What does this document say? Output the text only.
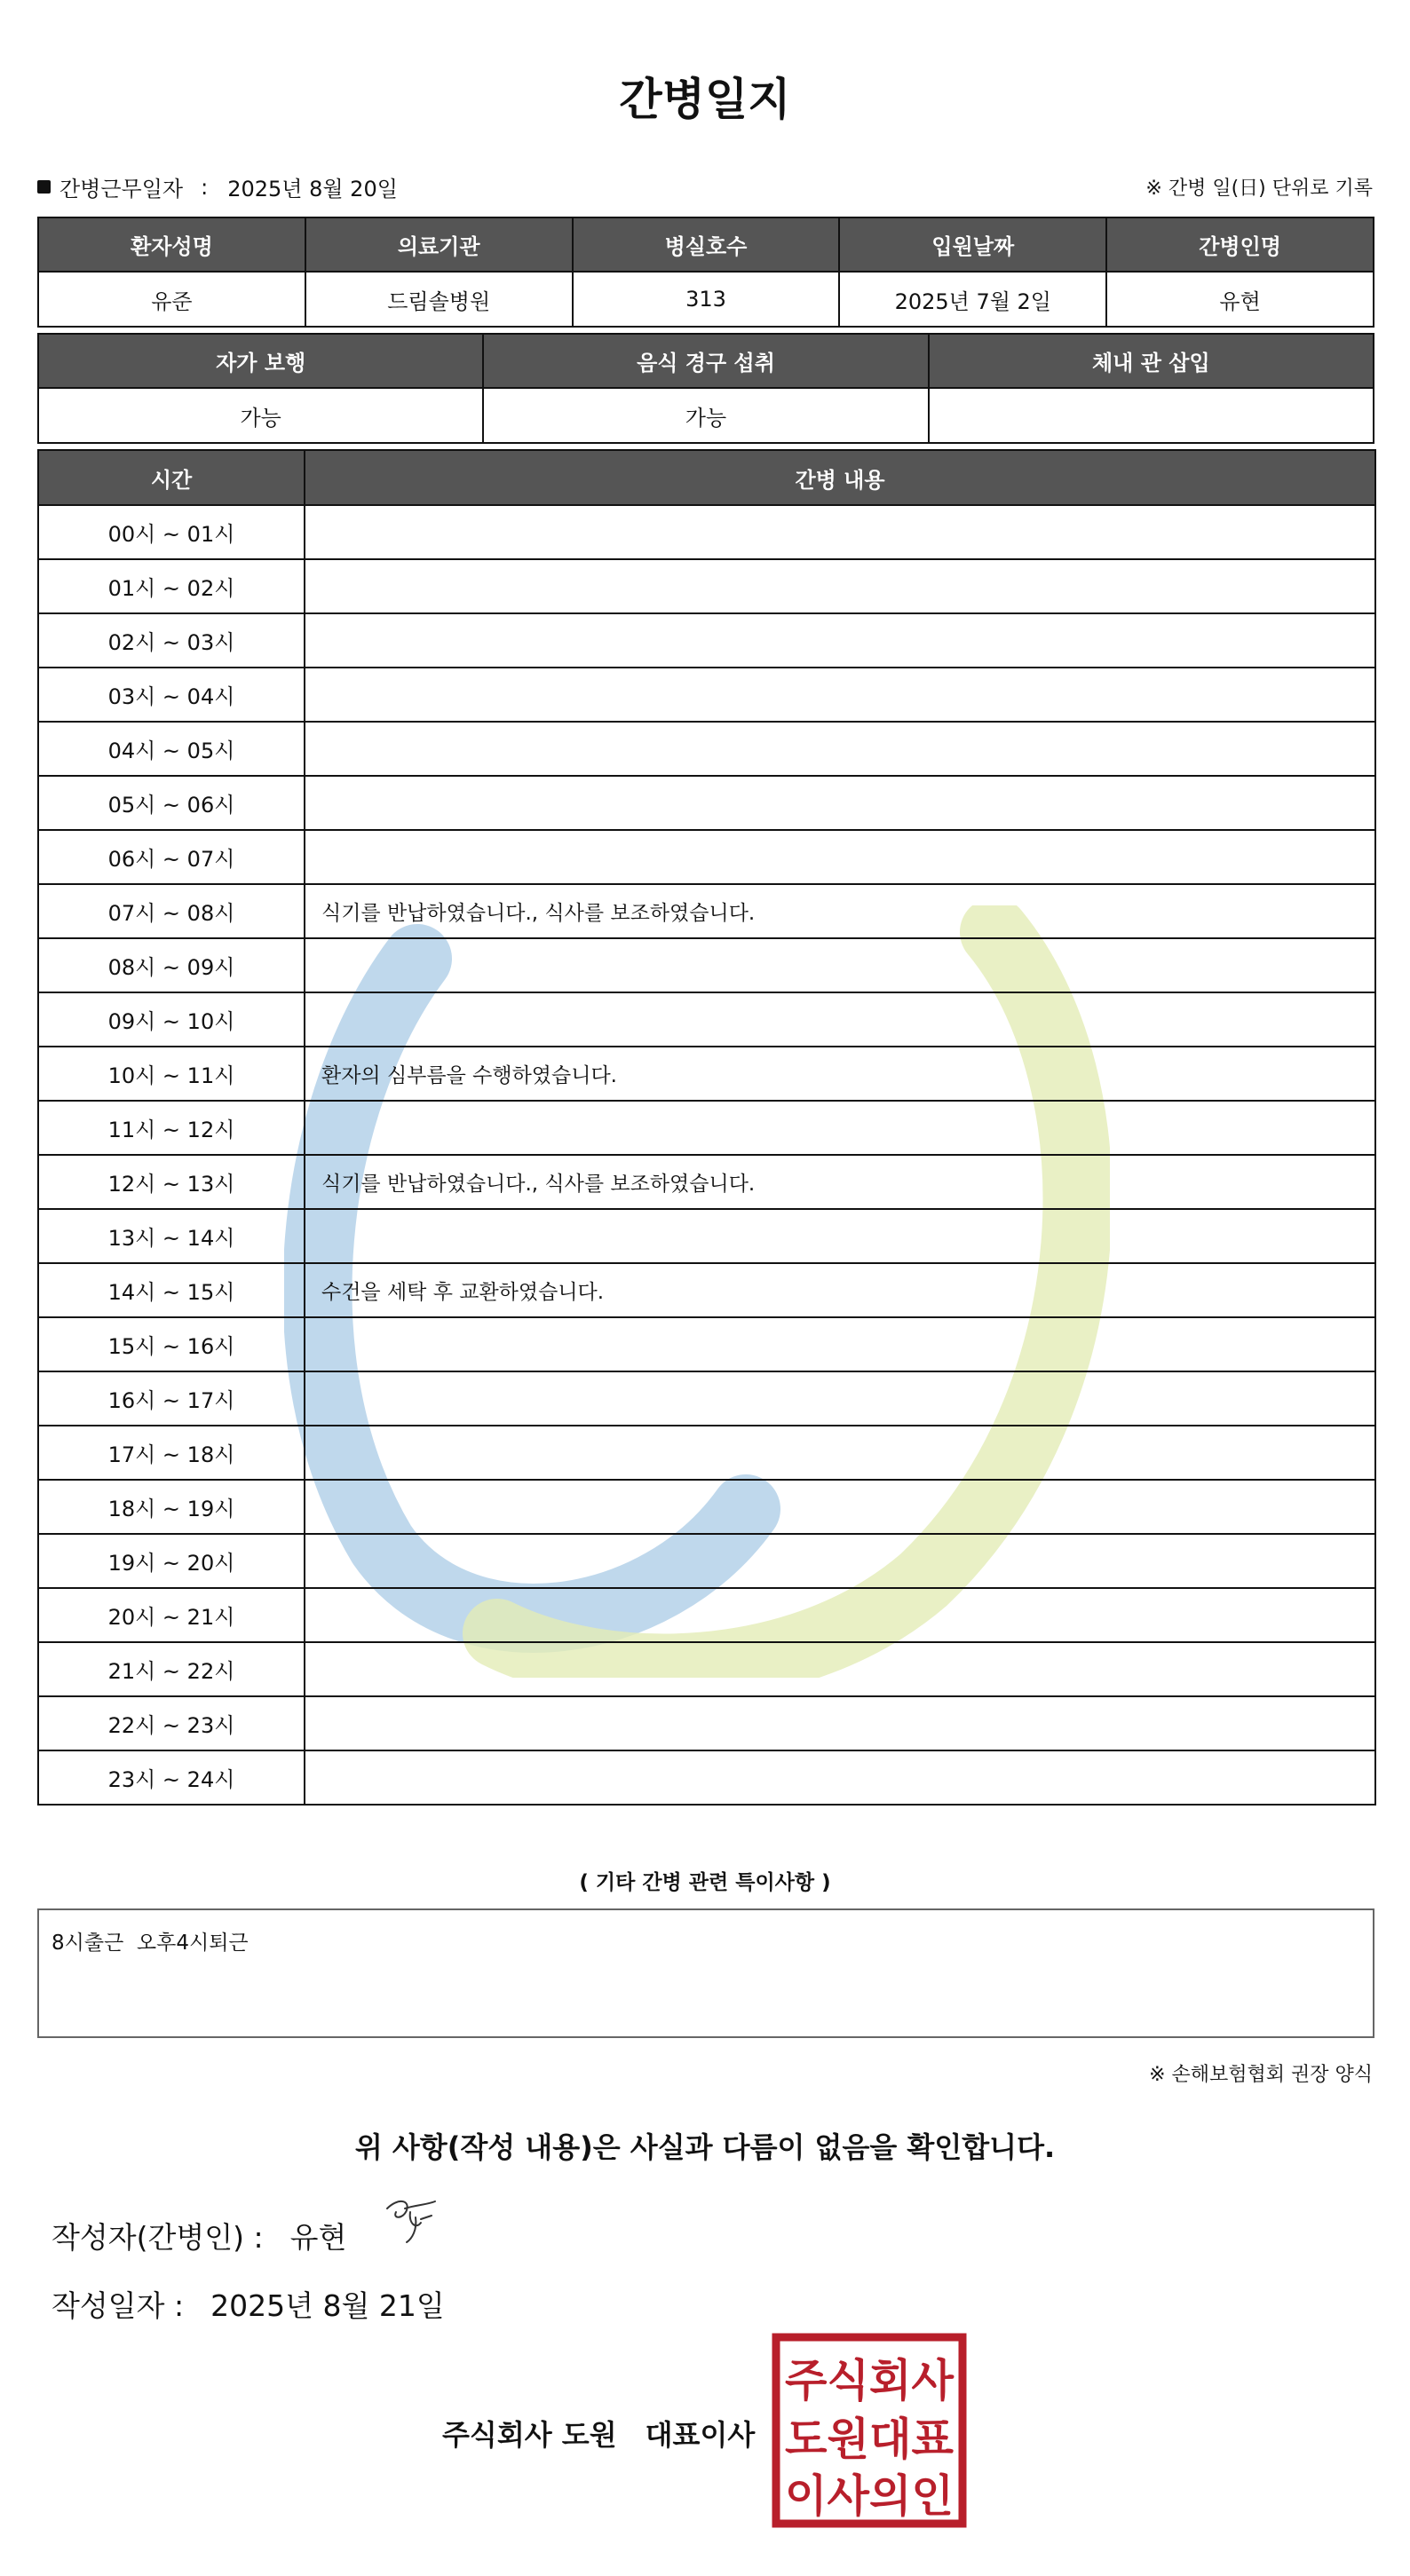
간병일지
간병근무일자 : 2025년 8월 20일	※ 간병 일(日) 단위로 기록
환자성명	의료기관	병실호수	입원날짜	간병인명
유준	드림솔병원	313	2025년 7월 2일	유현
자가 보행	음식 경구 섭취	체내 관 삽입
가능	가능	
시간	간병 내용
00시 ~ 01시	
01시 ~ 02시	
02시 ~ 03시	
03시 ~ 04시	
04시 ~ 05시	
05시 ~ 06시	
06시 ~ 07시	
07시 ~ 08시	식기를 반납하였습니다., 식사를 보조하였습니다.
08시 ~ 09시	
09시 ~ 10시	
10시 ~ 11시	환자의 심부름을 수행하였습니다.
11시 ~ 12시	
12시 ~ 13시	식기를 반납하였습니다., 식사를 보조하였습니다.
13시 ~ 14시	
14시 ~ 15시	수건을 세탁 후 교환하였습니다.
15시 ~ 16시	
16시 ~ 17시	
17시 ~ 18시	
18시 ~ 19시	
19시 ~ 20시	
20시 ~ 21시	
21시 ~ 22시	
22시 ~ 23시	
23시 ~ 24시	
( 기타 간병 관련 특이사항 )
8시출근  오후4시퇴근
※ 손해보험협회 권장 양식
위 사항(작성 내용)은 사실과 다름이 없음을 확인합니다.
작성자(간병인) : 유현
작성일자 : 2025년 8월 21일
주식회사 도원 대표이사
주식회사
도원대표
이사의인
